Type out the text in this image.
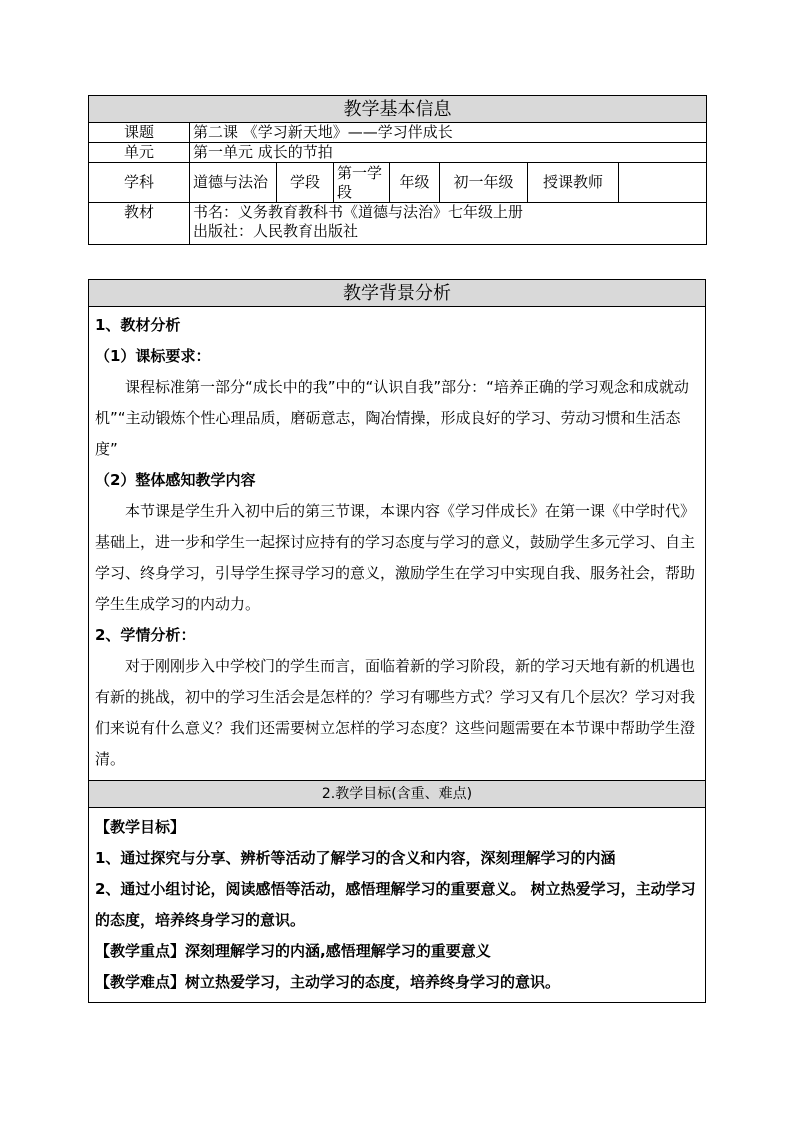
教学基本信息							
课题	第二课 《学习新天地》——学习伴成长						
单元	第一单元 成长的节拍						
学科	道德与法治	学段	第一学段	年级	初一年级	授课教师	
教材	书名：义务教育教科书《道德与法治》七年级上册
出版社：人民教育出版社						
教学背景分析

1、教材分析

（1）课标要求：

课程标准第一部分“成长中的我”中的“认识自我”部分：“培养正确的学习观念和成就动机”“主动锻炼个性心理品质，磨砺意志，陶冶情操，形成良好的学习、劳动习惯和生活态度”

（2）整体感知教学内容

本节课是学生升入初中后的第三节课，本课内容《学习伴成长》在第一课《中学时代》基础上，进一步和学生一起探讨应持有的学习态度与学习的意义，鼓励学生多元学习、自主学习、终身学习，引导学生探寻学习的意义，激励学生在学习中实现自我、服务社会，帮助学生生成学习的内动力。

2、学情分析：

对于刚刚步入中学校门的学生而言，面临着新的学习阶段，新的学习天地有新的机遇也有新的挑战，初中的学习生活会是怎样的？学习有哪些方式？学习又有几个层次？学习对我们来说有什么意义？我们还需要树立怎样的学习态度？这些问题需要在本节课中帮助学生澄清。

2.教学目标(含重、难点)

【教学目标】

1、通过探究与分享、辨析等活动了解学习的含义和内容，深刻理解学习的内涵

2、通过小组讨论，阅读感悟等活动，感悟理解学习的重要意义。 树立热爱学习，主动学习的态度，培养终身学习的意识。

【教学重点】深刻理解学习的内涵,感悟理解学习的重要意义

【教学难点】树立热爱学习，主动学习的态度，培养终身学习的意识。
